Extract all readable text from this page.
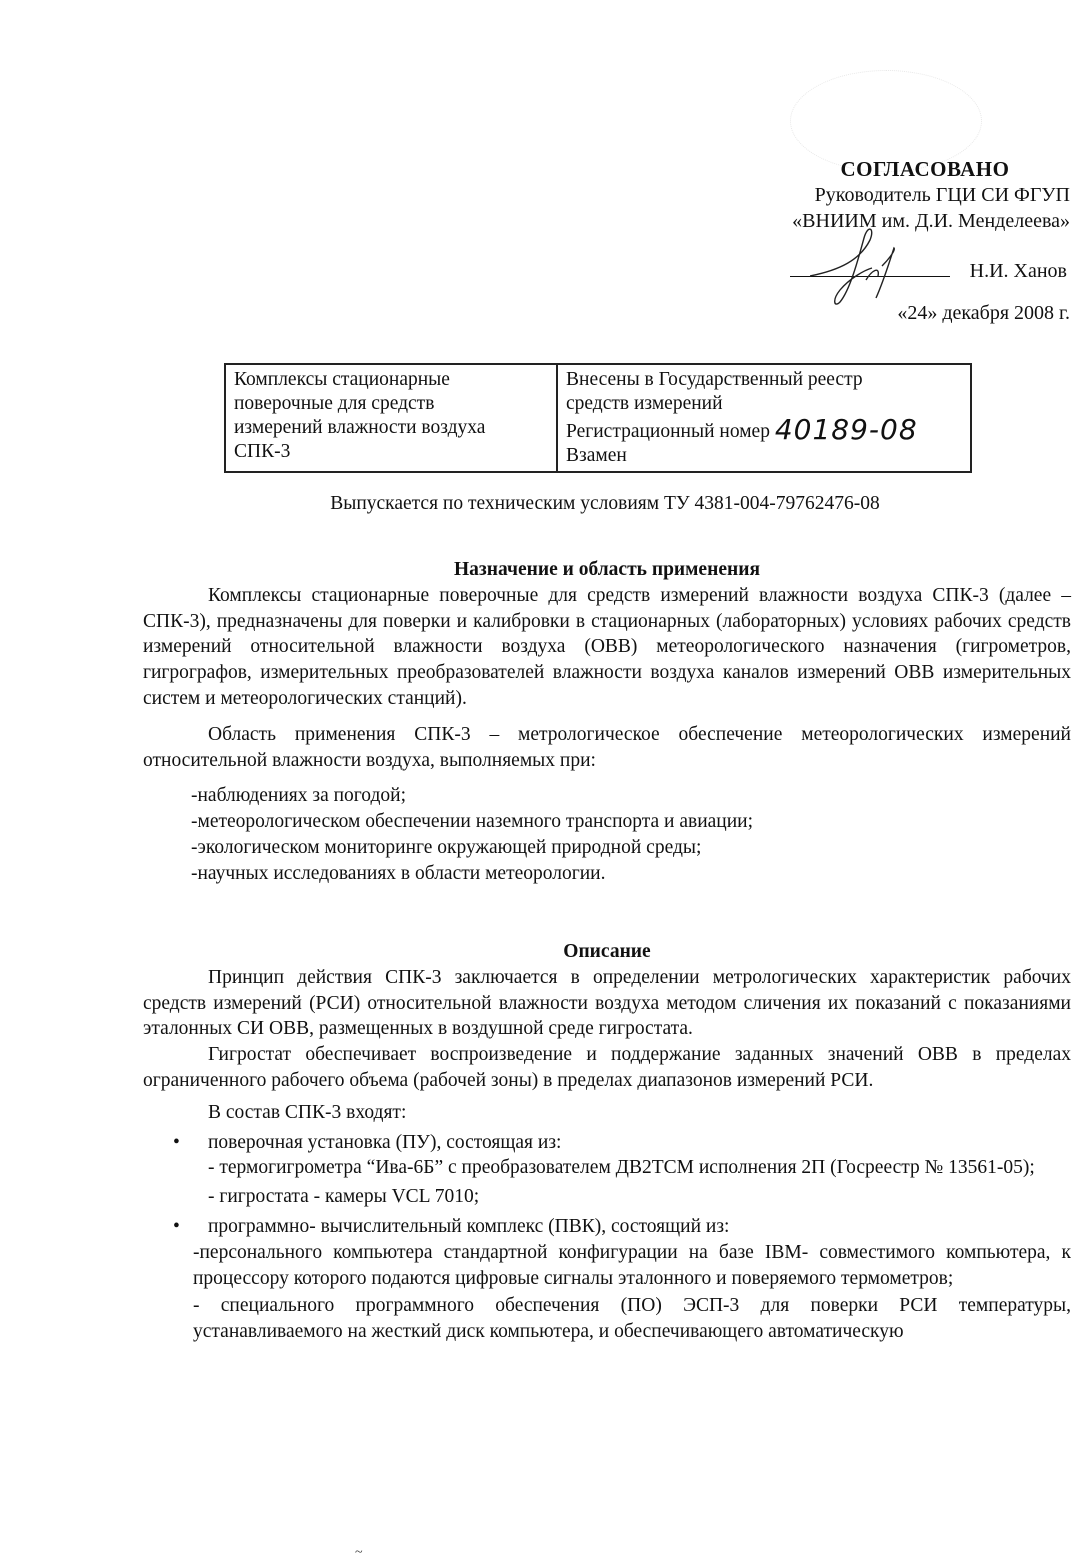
СОГЛАСОВАНО
Руководитель ГЦИ СИ ФГУП
«ВНИИМ им. Д.И. Менделеева»
Н.И. Ханов
«24» декабря 2008 г.
Комплексы стационарные
поверочные для средств
измерений влажности воздуха
СПК-3

Внесены в Государственный реестр
средств измерений
Регистрационный номер 40189-08
Взамен
Выпускается по техническим условиям ТУ 4381-004-79762476-08
Назначение и область применения

Комплексы стационарные поверочные для средств измерений влажности воздуха СПК-3 (далее – СПК-3), предназначены для поверки и калибровки в стационарных (лабораторных) условиях рабочих средств измерений относительной влажности воздуха (ОВВ) метеорологического назначения (гигрометров, гигрографов, измерительных преобразователей влажности воздуха каналов измерений ОВВ измерительных систем и метеорологических станций).

Область применения СПК-3 – метрологическое обеспечение метеорологических измерений относительной влажности воздуха, выполняемых при:

-наблюдениях за погодой;
-метеорологическом обеспечении наземного транспорта и авиации;
-экологическом мониторинге окружающей природной среды;
-научных исследованиях в области метеорологии.
Описание

Принцип действия СПК-3 заключается в определении метрологических характеристик рабочих средств измерений (РСИ) относительной влажности воздуха методом сличения их показаний с показаниями эталонных СИ ОВВ, размещенных в воздушной среде гигростата.

Гигростат обеспечивает воспроизведение и поддержание заданных значений ОВВ в пределах ограниченного рабочего объема (рабочей зоны) в пределах диапазонов измерений РСИ.

В состав СПК-3 входят:

• поверочная установка (ПУ), состоящая из:
- термогигрометра “Ива-6Б” с преобразователем ДВ2ТСМ исполнения 2П (Госреестр № 13561-05);
- гигростата - камеры VCL 7010;
• программно- вычислительный комплекс (ПВК), состоящий из:
-персонального компьютера стандартной конфигурации на базе IBM- совместимого компьютера, к процессору которого подаются цифровые сигналы эталонного и поверяемого термометров;
- специального программного обеспечения (ПО) ЭСП-3 для поверки РСИ температуры, устанавливаемого на жесткий диск компьютера, и обеспечивающего автоматическую
~
